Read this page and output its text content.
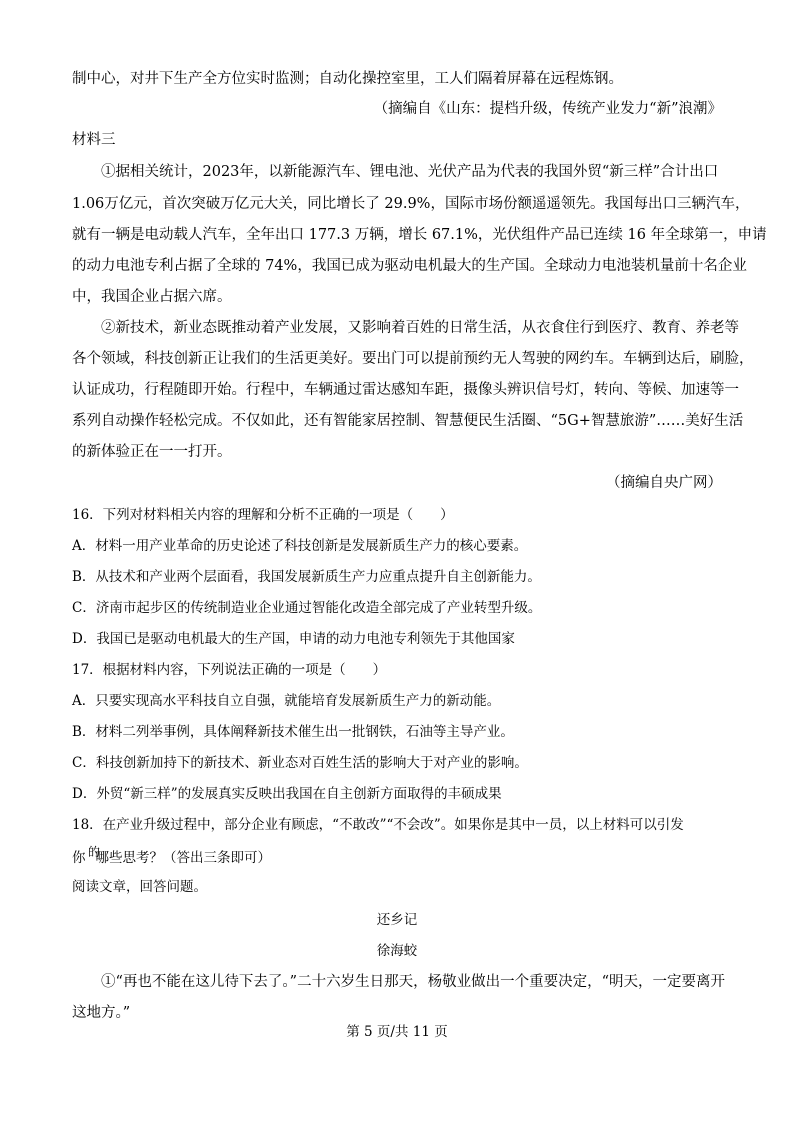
制中心，对井下生产全方位实时监测；自动化操控室里，工人们隔着屏幕在远程炼钢。
（摘编自《山东：提档升级，传统产业发力“新”浪潮》
材料三
①据相关统计，2023年，以新能源汽车、锂电池、光伏产品为代表的我国外贸“新三样”合计出口
1.06万亿元，首次突破万亿元大关，同比增长了 29.9%，国际市场份额遥遥领先。我国每出口三辆汽车，
就有一辆是电动载人汽车，全年出口 177.3 万辆，增长 67.1%，光伏组件产品已连续 16 年全球第一，申请
的动力电池专利占据了全球的 74%，我国已成为驱动电机最大的生产国。全球动力电池装机量前十名企业
中，我国企业占据六席。
②新技术，新业态既推动着产业发展，又影响着百姓的日常生活，从衣食住行到医疗、教育、养老等
各个领域，科技创新正让我们的生活更美好。要出门可以提前预约无人驾驶的网约车。车辆到达后，刷脸，
认证成功，行程随即开始。行程中，车辆通过雷达感知车距，摄像头辨识信号灯，转向、等候、加速等一
系列自动操作轻松完成。不仅如此，还有智能家居控制、智慧便民生活圈、“5G+智慧旅游”……美好生活
的新体验正在一一打开。
（摘编自央广网）
16．下列对材料相关内容的理解和分析不正确的一项是（　　）
A．材料一用产业革命的历史论述了科技创新是发展新质生产力的核心要素。
B．从技术和产业两个层面看，我国发展新质生产力应重点提升自主创新能力。
C．济南市起步区的传统制造业企业通过智能化改造全部完成了产业转型升级。
D．我国已是驱动电机最大的生产国，申请的动力电池专利领先于其他国家
17．根据材料内容，下列说法正确的一项是（　　）
A．只要实现高水平科技自立自强，就能培育发展新质生产力的新动能。
B．材料二列举事例，具体阐释新技术催生出一批钢铁，石油等主导产业。
C．科技创新加持下的新技术、新业态对百姓生活的影响大于对产业的影响。
D．外贸“新三样”的发展真实反映出我国在自主创新方面取得的丰硕成果
18．在产业升级过程中，部分企业有顾虑，“不敢改”“不会改”。如果你是其中一员，以上材料可以引发
你 的
哪些思考？（答出三条即可）
阅读文章，回答问题。
还乡记
徐海蛟
①“再也不能在这儿待下去了。”二十六岁生日那天，杨敬业做出一个重要决定，“明天，一定要离开
这地方。”
第 5 页/共 11 页
